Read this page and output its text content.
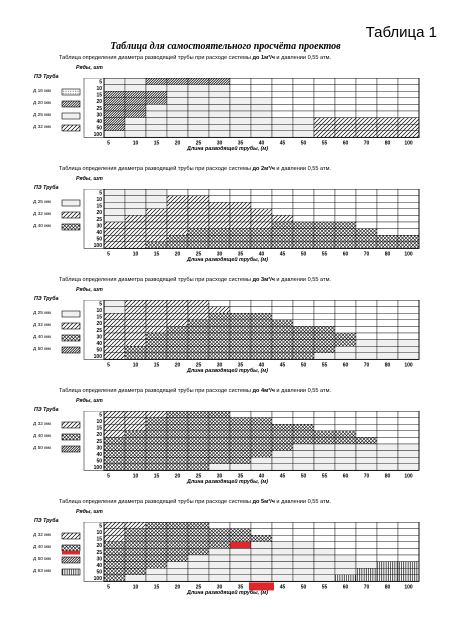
Таблица 1
Таблица для самостоятельного просчёта проектов
Таблица определения диаметра разводящей трубы при расходе системы до 1м³/ч и давлении 0,55 атм.
Ряды, шт
ПЭ Труба
Д 16 мм
Д 20 мм
Д 25 мм
Д 32 мм
5
10
15
20
25
30
40
50
100
5	10	15	20	25	30	35	40	45	50	55	60	70	80	100
Длина разводящей трубы, (м)
Таблица определения диаметра разводящей трубы при расходе системы до 2м³/ч и давлении 0,55 атм.
Ряды, шт
ПЭ Труба
Д 25 мм
Д 32 мм
Д 40 мм
5
10
15
20
25
30
40
50
100
5	10	15	20	25	30	35	40	45	50	55	60	70	80	100
Длина разводящей трубы, (м)
Таблица определения диаметра разводящей трубы при расходе системы до 3м³/ч и давлении 0,55 атм.
Ряды, шт
ПЭ Труба
Д 25 мм
Д 32 мм
Д 40 мм
Д 50 мм
5
10
15
20
25
30
40
50
100
5	10	15	20	25	30	35	40	45	50	55	60	70	80	100
Длина разводящей трубы, (м)
Таблица определения диаметра разводящей трубы при расходе системы до 4м³/ч и давлении 0,55 атм.
Ряды, шт
ПЭ Труба
Д 32 мм
Д 40 мм
Д 50 мм
5
10
15
20
25
30
40
50
100
5	10	15	20	25	30	35	40	45	50	55	60	70	80	100
Длина разводящей трубы, (м)
Таблица определения диаметра разводящей трубы при расходе системы до 5м³/ч и давлении 0,55 атм.
Ряды, шт
ПЭ Труба
Д 32 мм
Д 40 мм
Д 50 мм
Д 63 мм
5
10
15
20
25
30
40
50
100
5	10	15	20	25	30	35	45	50	55	60	70	80	100
Длина разводящей трубы, (м)
